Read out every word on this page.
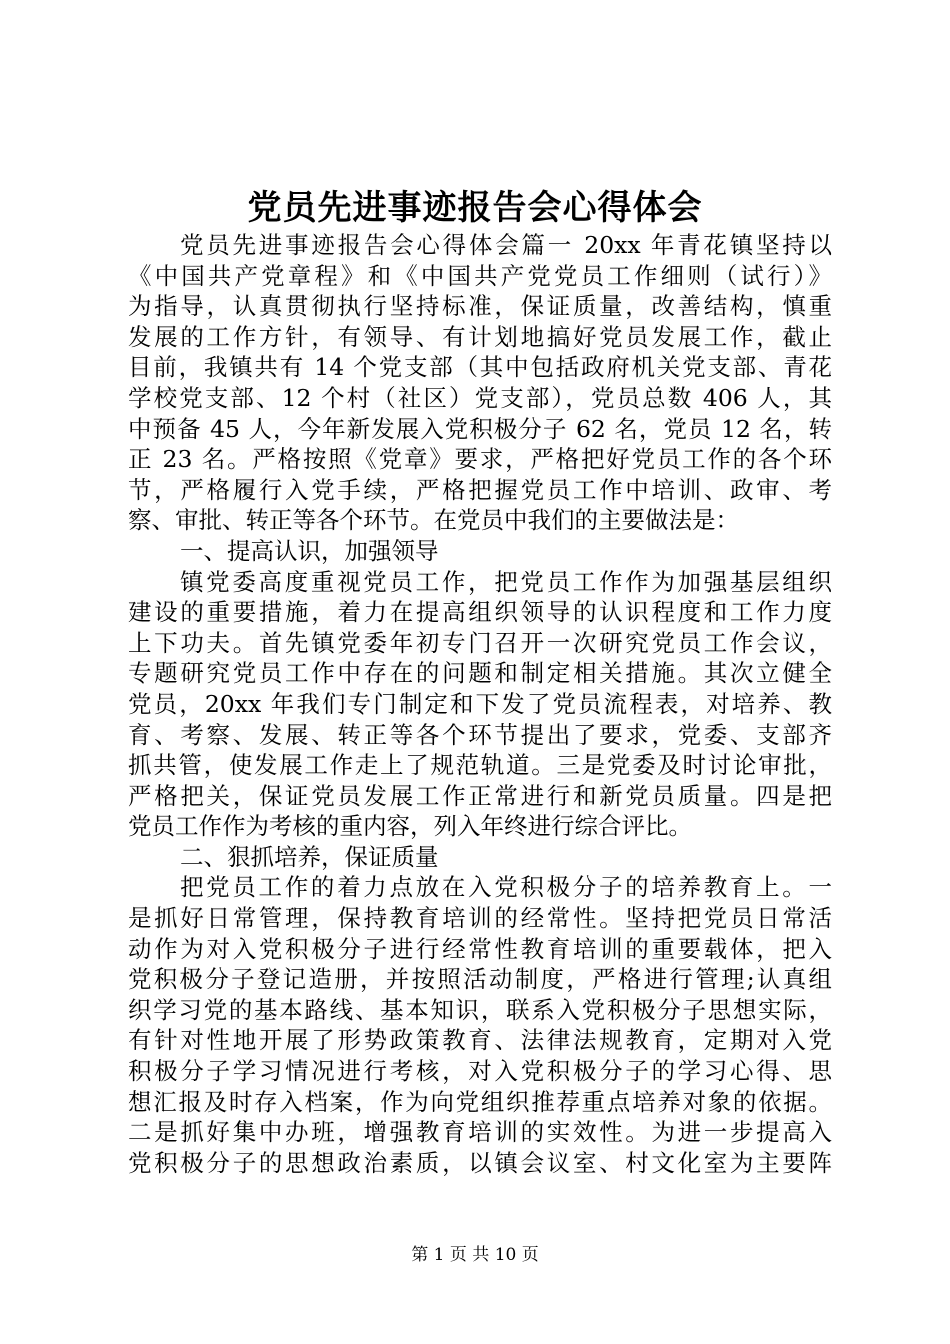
党员先进事迹报告会心得体会
党员先进事迹报告会心得体会篇一 20xx 年青花镇坚持以
《中国共产党章程》和《中国共产党党员工作细则（试行）》
为指导，认真贯彻执行坚持标准，保证质量，改善结构，慎重
发展的工作方针，有领导、有计划地搞好党员发展工作，截止
目前，我镇共有 14 个党支部（其中包括政府机关党支部、青花
学校党支部、12 个村（社区）党支部），党员总数 406 人，其
中预备 45 人，今年新发展入党积极分子 62 名，党员 12 名，转
正 23 名。严格按照《党章》要求，严格把好党员工作的各个环
节，严格履行入党手续，严格把握党员工作中培训、政审、考
察、审批、转正等各个环节。在党员中我们的主要做法是：
一、提高认识，加强领导
镇党委高度重视党员工作，把党员工作作为加强基层组织
建设的重要措施，着力在提高组织领导的认识程度和工作力度
上下功夫。首先镇党委年初专门召开一次研究党员工作会议，
专题研究党员工作中存在的问题和制定相关措施。其次立健全
党员，20xx 年我们专门制定和下发了党员流程表，对培养、教
育、考察、发展、转正等各个环节提出了要求，党委、支部齐
抓共管，使发展工作走上了规范轨道。三是党委及时讨论审批，
严格把关，保证党员发展工作正常进行和新党员质量。四是把
党员工作作为考核的重内容，列入年终进行综合评比。
二、狠抓培养，保证质量
把党员工作的着力点放在入党积极分子的培养教育上。一
是抓好日常管理，保持教育培训的经常性。坚持把党员日常活
动作为对入党积极分子进行经常性教育培训的重要载体，把入
党积极分子登记造册，并按照活动制度，严格进行管理;认真组
织学习党的基本路线、基本知识，联系入党积极分子思想实际，
有针对性地开展了形势政策教育、法律法规教育，定期对入党
积极分子学习情况进行考核，对入党积极分子的学习心得、思
想汇报及时存入档案，作为向党组织推荐重点培养对象的依据。
二是抓好集中办班，增强教育培训的实效性。为进一步提高入
党积极分子的思想政治素质，以镇会议室、村文化室为主要阵
第 1 页 共 10 页
